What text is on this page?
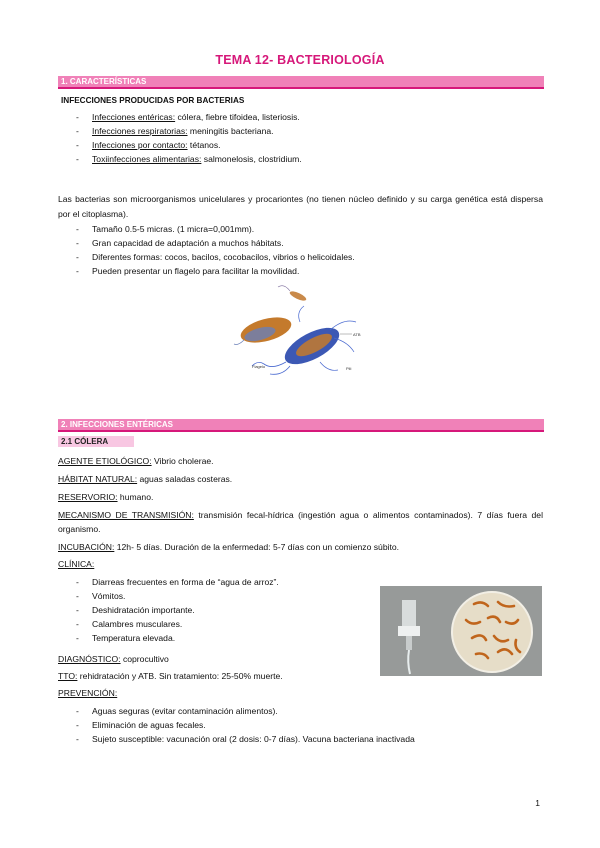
TEMA 12- BACTERIOLOGÍA
1. CARACTERÍSTICAS
INFECCIONES PRODUCIDAS POR BACTERIAS
- Infecciones entéricas: cólera, fiebre tifoidea, listeriosis.
- Infecciones respiratorias: meningitis bacteriana.
- Infecciones por contacto: tétanos.
- Toxiinfecciones alimentarias: salmonelosis, clostridium.
Las bacterias son microorganismos unicelulares y procariontes (no tienen núcleo definido y su carga genética está dispersa por el citoplasma).
- Tamaño 0.5-5 micras. (1 micra=0,001mm).
- Gran capacidad de adaptación a muchos hábitats.
- Diferentes formas: cocos, bacilos, cocobacilos, vibrios o helicoidales.
- Pueden presentar un flagelo para facilitar la movilidad.
ATB
Flagelo	Pili
2. INFECCIONES ENTÉRICAS
2.1 CÓLERA
AGENTE ETIOLÓGICO: Vibrio cholerae.
HÁBITAT NATURAL: aguas saladas costeras.
RESERVORIO: humano.
MECANISMO DE TRANSMISIÓN: transmisión fecal-hídrica (ingestión agua o alimentos contaminados). 7 días fuera del organismo.
INCUBACIÓN: 12h- 5 días. Duración de la enfermedad: 5-7 días con un comienzo súbito.
CLÍNICA:
- Diarreas frecuentes en forma de “agua de arroz”.
- Vómitos.
- Deshidratación importante.
- Calambres musculares.
- Temperatura elevada.
DIAGNÓSTICO: coprocultivo
TTO: rehidratación y ATB. Sin tratamiento: 25-50% muerte.
PREVENCIÓN:
- Aguas seguras (evitar contaminación alimentos).
- Eliminación de aguas fecales.
- Sujeto susceptible: vacunación oral (2 dosis: 0-7 días). Vacuna bacteriana inactivada
1
